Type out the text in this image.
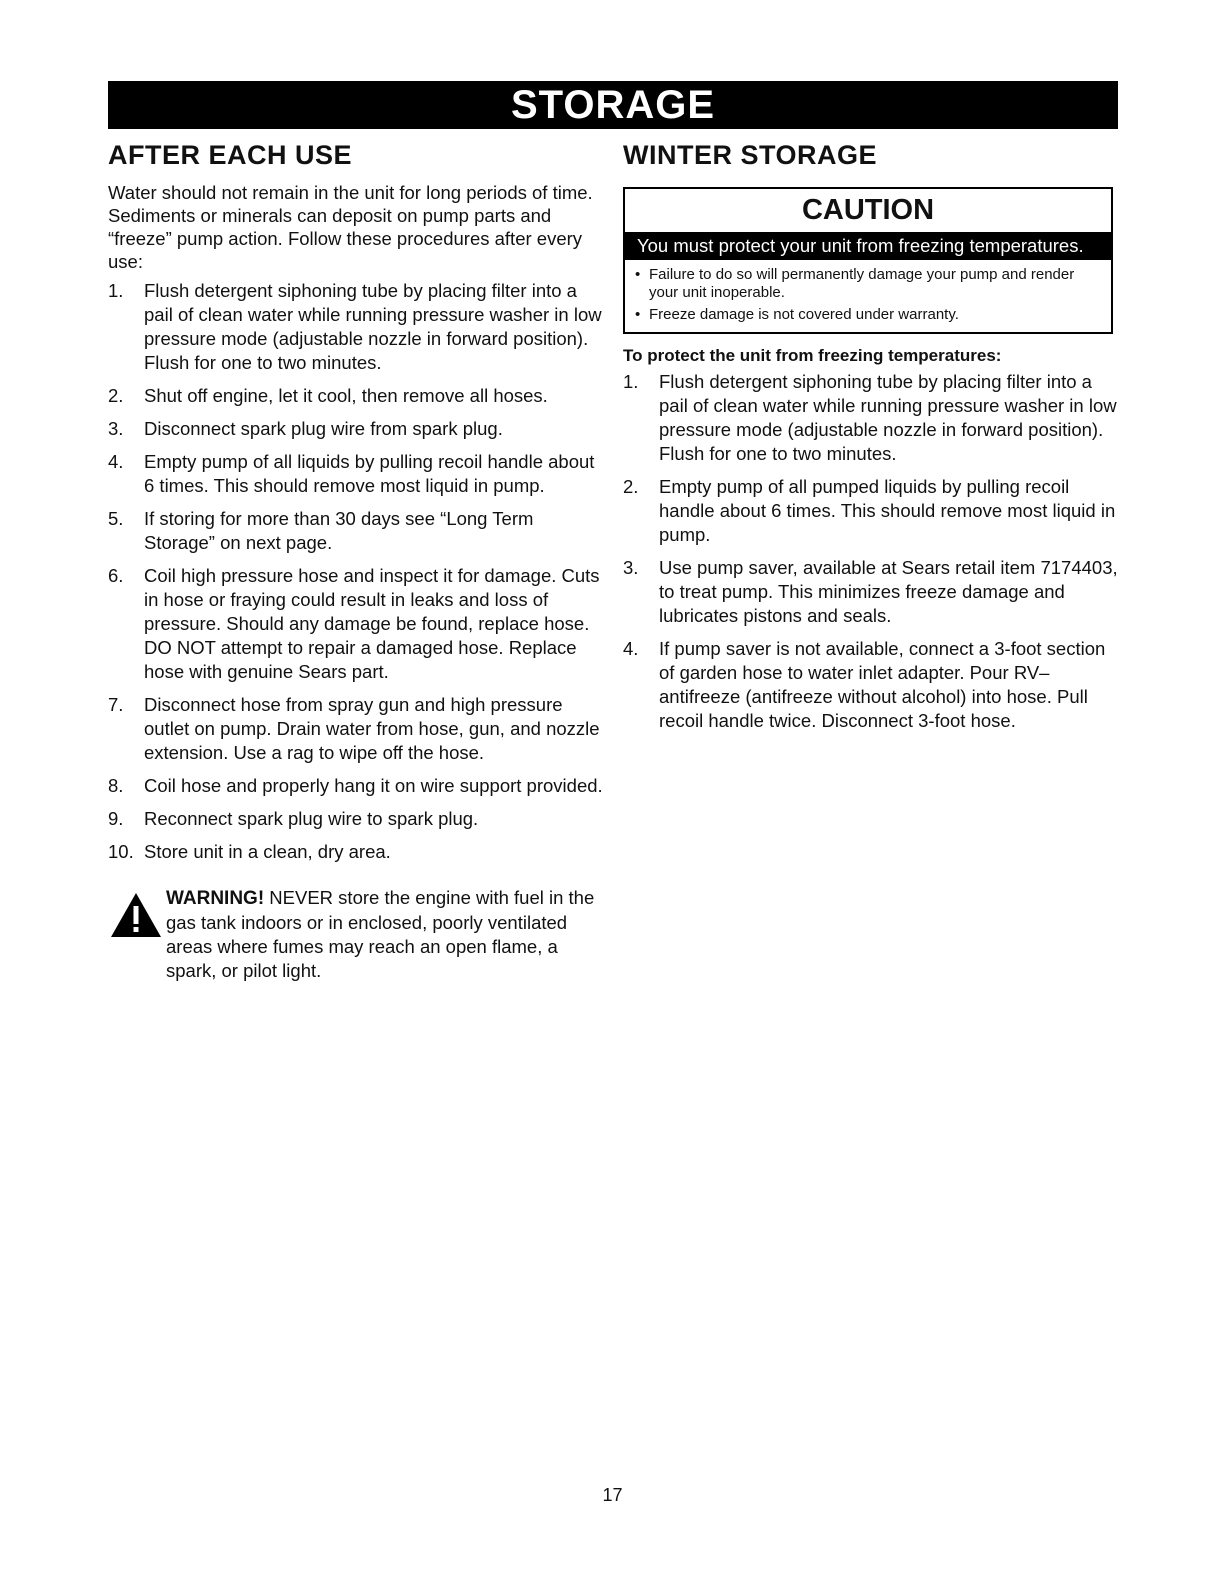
STORAGE
AFTER EACH USE

Water should not remain in the unit for long periods of time. Sediments or minerals can deposit on pump parts and “freeze” pump action. Follow these procedures after every use:

1. Flush detergent siphoning tube by placing filter into a pail of clean water while running pressure washer in low pressure mode (adjustable nozzle in forward position). Flush for one to two minutes.
2. Shut off engine, let it cool, then remove all hoses.
3. Disconnect spark plug wire from spark plug.
4. Empty pump of all liquids by pulling recoil handle about 6 times. This should remove most liquid in pump.
5. If storing for more than 30 days see “Long Term Storage” on next page.
6. Coil high pressure hose and inspect it for damage. Cuts in hose or fraying could result in leaks and loss of pressure. Should any damage be found, replace hose. DO NOT attempt to repair a damaged hose. Replace hose with genuine Sears part.
7. Disconnect hose from spray gun and high pressure outlet on pump. Drain water from hose, gun, and nozzle extension. Use a rag to wipe off the hose.
8. Coil hose and properly hang it on wire support provided.
9. Reconnect spark plug wire to spark plug.
10. Store unit in a clean, dry area.
WARNING! NEVER store the engine with fuel in the gas tank indoors or in enclosed, poorly ventilated areas where fumes may reach an open flame, a spark, or pilot light.
WINTER STORAGE
CAUTION
You must protect your unit from freezing temperatures.
• Failure to do so will permanently damage your pump and render your unit inoperable.
• Freeze damage is not covered under warranty.
To protect the unit from freezing temperatures:
1. Flush detergent siphoning tube by placing filter into a pail of clean water while running pressure washer in low pressure mode (adjustable nozzle in forward position). Flush for one to two minutes.
2. Empty pump of all pumped liquids by pulling recoil handle about 6 times. This should remove most liquid in pump.
3. Use pump saver, available at Sears retail item 7174403, to treat pump. This minimizes freeze damage and lubricates pistons and seals.
4. If pump saver is not available, connect a 3-foot section of garden hose to water inlet adapter. Pour RV–antifreeze (antifreeze without alcohol) into hose. Pull recoil handle twice. Disconnect 3-foot hose.
17
